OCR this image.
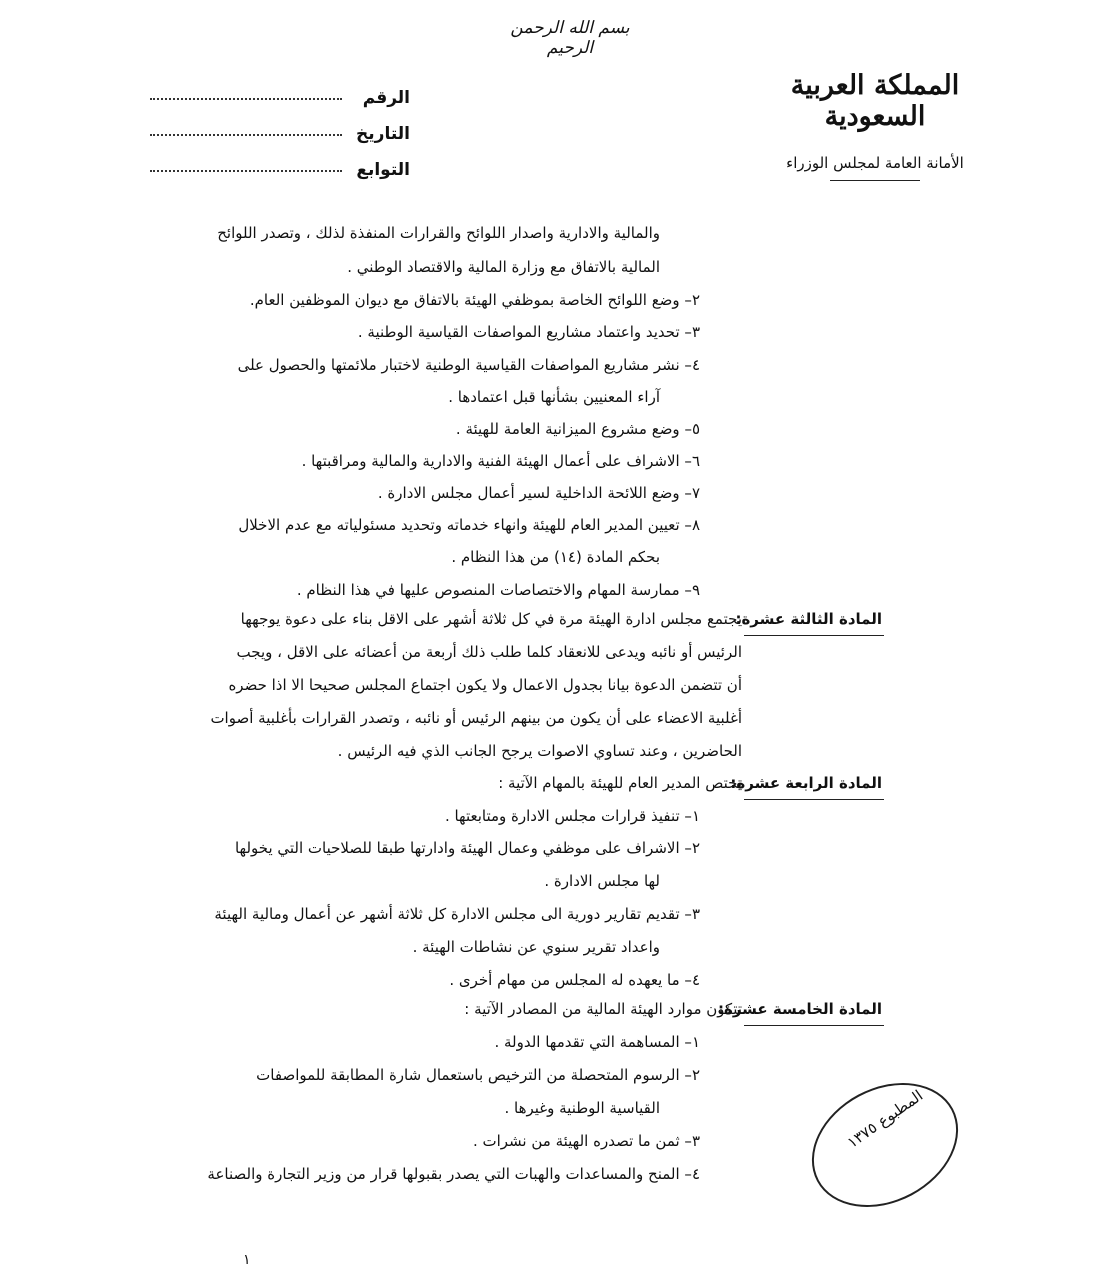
بسم الله الرحمن الرحيم
الرقم
التاريخ
التوابع
المملكة العربية السعودية
الأمانة العامة لمجلس الوزراء
والمالية والادارية واصدار اللوائح والقرارات المنفذة لذلك ، وتصدر اللوائح
المالية بالاتفاق مع وزارة المالية والاقتصاد الوطني .
٢– وضع اللوائح الخاصة بموظفي الهيئة بالاتفاق مع ديوان الموظفين العام.
٣– تحديد واعتماد مشاريع المواصفات القياسية الوطنية .
٤– نشر مشاريع المواصفات القياسية الوطنية لاختبار ملائمتها والحصول على
آراء المعنيين بشأنها قبل اعتمادها .
٥– وضع مشروع الميزانية العامة للهيئة .
٦– الاشراف على أعمال الهيئة الفنية والادارية والمالية ومراقبتها .
٧– وضع اللائحة الداخلية لسير أعمال مجلس الادارة .
٨– تعيين المدير العام للهيئة وانهاء خدماته وتحديد مسئولياته مع عدم الاخلال
بحكم المادة (١٤) من هذا النظام .
٩– ممارسة المهام والاختصاصات المنصوص عليها في هذا النظام .
المادة الثالثة عشرة:
يجتمع مجلس ادارة الهيئة مرة في كل ثلاثة أشهر على الاقل بناء على دعوة يوجهها
الرئيس أو نائبه ويدعى للانعقاد كلما طلب ذلك أربعة من أعضائه على الاقل ، ويجب
أن تتضمن الدعوة بيانا بجدول الاعمال ولا يكون اجتماع المجلس صحيحا الا اذا حضره
أغلبية الاعضاء على أن يكون من بينهم الرئيس أو نائبه ، وتصدر القرارات بأغلبية أصوات
الحاضرين ، وعند تساوي الاصوات يرجح الجانب الذي فيه الرئيس .
المادة الرابعة عشرة:
يختص المدير العام للهيئة بالمهام الآتية :
١– تنفيذ قرارات مجلس الادارة ومتابعتها .
٢– الاشراف على موظفي وعمال الهيئة وادارتها طبقا للصلاحيات التي يخولها
لها مجلس الادارة .
٣– تقديم تقارير دورية الى مجلس الادارة كل ثلاثة أشهر عن أعمال ومالية الهيئة
واعداد تقرير سنوي عن نشاطات الهيئة .
٤– ما يعهده له المجلس من مهام أخرى .
المادة الخامسة عشرة:
تتكون موارد الهيئة المالية من المصادر الآتية :
١– المساهمة التي تقدمها الدولة .
٢– الرسوم المتحصلة من الترخيص باستعمال شارة المطابقة للمواصفات
القياسية الوطنية وغيرها .
٣– ثمن ما تصدره الهيئة من نشرات .
٤– المنح والمساعدات والهبات التي يصدر بقبولها قرار من وزير التجارة والصناعة
المطبوع ١٣٧٥
١
